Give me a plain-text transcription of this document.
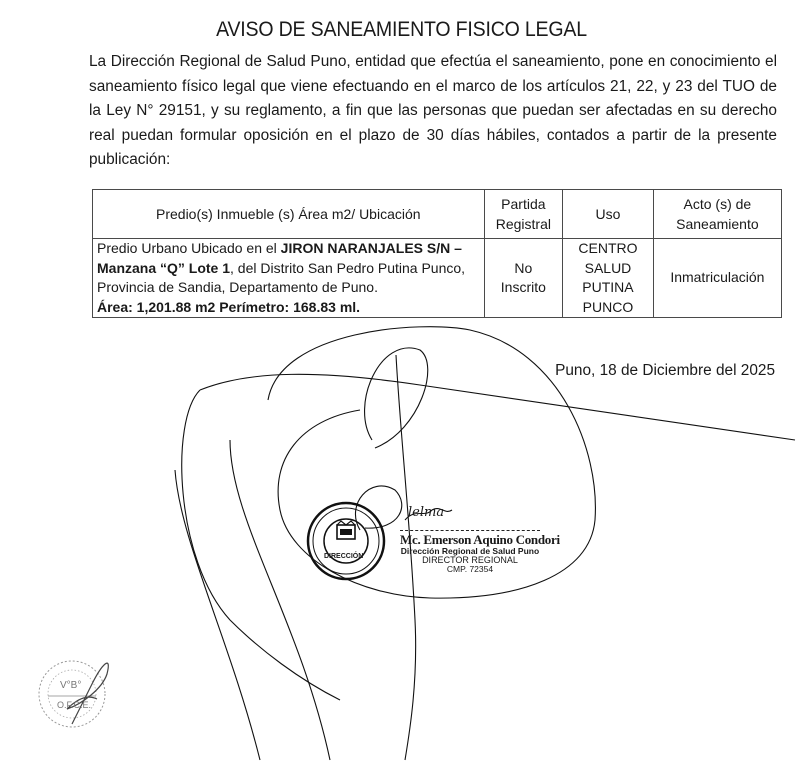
AVISO DE SANEAMIENTO FISICO LEGAL
La Dirección Regional de Salud Puno, entidad que efectúa el saneamiento, pone en conocimiento el saneamiento físico legal que viene efectuando en el marco de los artículos 21, 22, y 23 del TUO de la Ley N° 29151, y su reglamento, a fin que las personas que puedan ser afectadas en su derecho real puedan formular oposición en el plazo de 30 días hábiles, contados a partir de la presente publicación:
Predio(s) Inmueble (s) Área m2/ Ubicación	Partida Registral	Uso	Acto (s) de Saneamiento
Predio Urbano Ubicado en el JIRON NARANJALES S/N – Manzana “Q” Lote 1, del Distrito San Pedro Putina Punco, Provincia de Sandia, Departamento de Puno.
Área: 1,201.88 m2 Perímetro: 168.83 ml.	No Inscrito	CENTRO SALUD PUTINA PUNCO	Inmatriculación
Puno, 18 de Diciembre del 2025
DIRECCIÓN
lelma
Mc. Emerson Aquino Condori
Dirección Regional de Salud Puno
DIRECTOR REGIONAL
CMP. 72354
V°B°
O.F.C.E.
